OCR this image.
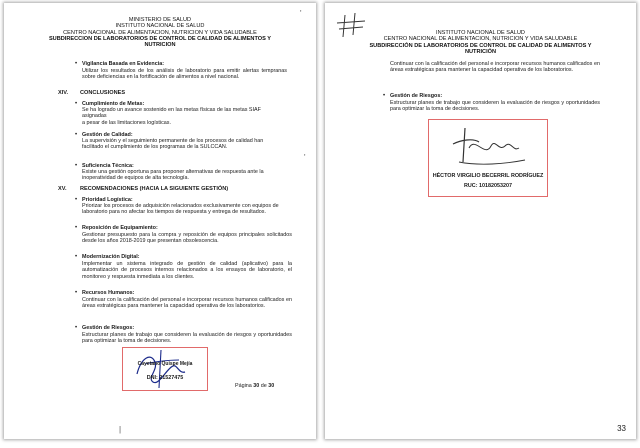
MINISTERIO DE SALUD
INSTITUTO NACIONAL DE SALUD
CENTRO NACIONAL DE ALIMENTACION, NUTRICION Y VIDA SALUDABLE
SUBDIRECCION DE LABORATORIOS DE CONTROL DE CALIDAD DE ALIMENTOS Y
NUTRICION
• Vigilancia Basada en Evidencia:
Utilizar los resultados de los análisis de laboratorio para emitir alertas tempranas sobre deficiencias en la fortificación de alimentos a nivel nacional.
XIV. CONCLUSIONES
• Cumplimiento de Metas:
Se ha logrado un avance sostenido en las metas físicas de las metas SIAF
asignadas
a pesar de las limitaciones logísticas.
• Gestión de Calidad:
La supervisión y el seguimiento permanente de los procesos de calidad han
facilitado el cumplimiento de los programas de la SULCCAN.
• Suficiencia Técnica:
Existe una gestión oportuna para proponer alternativas de respuesta ante la
inoperatividad de equipos de alta tecnología.
XV. RECOMENDACIONES (HACIA LA SIGUIENTE GESTIÓN)
• Prioridad Logística:
Priorizar los procesos de adquisición relacionados exclusivamente con equipos de
laboratorio para no afectar los tiempos de respuesta y entrega de resultados.
• Reposición de Equipamiento:
Gestionar presupuesto para la compra y reposición de equipos principales solicitados desde los años 2018-2019 que presentan obsolescencia.
• Modernización Digital:
Implementar un sistema integrado de gestión de calidad (aplicativo) para la automatización de procesos internos relacionados a los ensayos de laboratorio, el monitoreo y respuesta inmediata a los clientes.
• Recursos Humanos:
Continuar con la calificación del personal e incorporar recursos humanos calificados en áreas estratégicas para mantener la capacidad operativa de los laboratorios.
• Gestión de Riesgos:
Estructurar planes de trabajo que consideren la evaluación de riesgos y oportunidades para optimizar la toma de decisiones.
Cayetano Quispe Mejía
DNI: 21527475
Página 30 de 30
'
'
|
INSTITUTO NACIONAL DE SALUD
CENTRO NACIONAL DE ALIMENTACION, NUTRICION Y VIDA SALUDABLE
SUBDIRECCIÓN DE LABORATORIOS DE CONTROL DE CALIDAD DE ALIMENTOS Y
NUTRICIÓN
Continuar con la calificación del personal e incorporar recursos humanos calificados en áreas estratégicas para mantener la capacidad operativa de los laboratorios.
• Gestión de Riesgos:
Estructurar planes de trabajo que consideren la evaluación de riesgos y oportunidades para optimizar la toma de decisiones.
HÉCTOR VIRGILIO BECERRIL RODRÍGUEZ
RUC: 10182053207
33
